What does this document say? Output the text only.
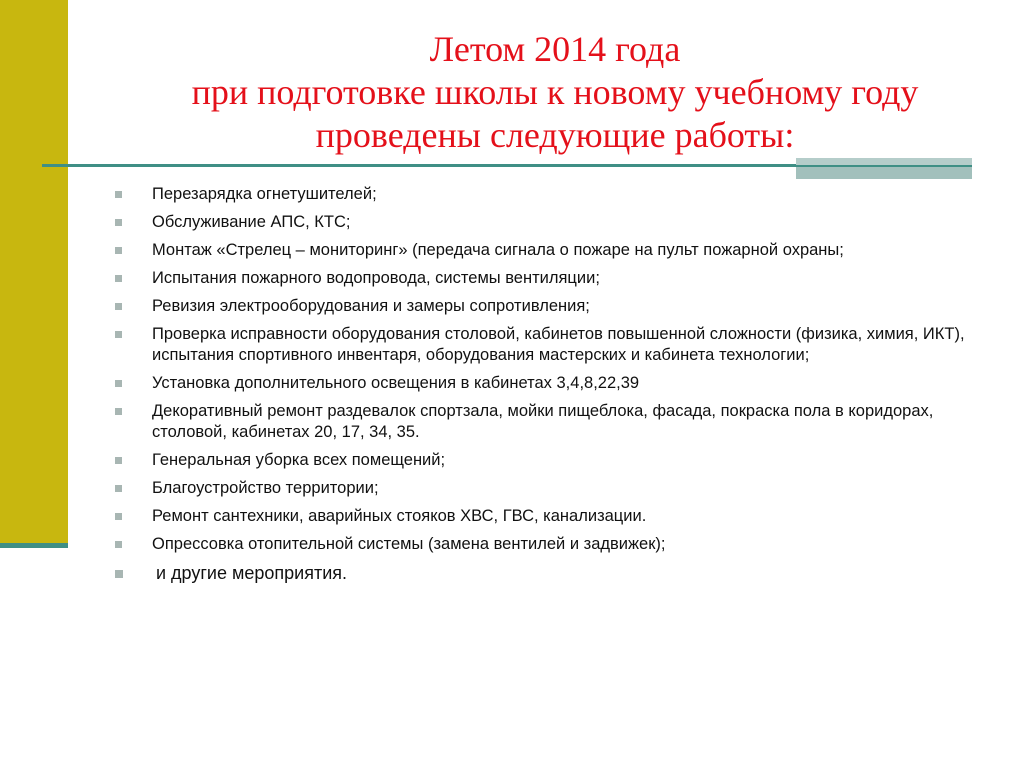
Летом 2014 года
при подготовке школы к новому учебному году
проведены следующие работы:
Перезарядка огнетушителей;
Обслуживание АПС, КТС;
Монтаж «Стрелец – мониторинг» (передача сигнала о пожаре на пульт пожарной охраны;
Испытания пожарного водопровода, системы вентиляции;
Ревизия электрооборудования и замеры сопротивления;
Проверка исправности оборудования столовой, кабинетов повышенной сложности (физика, химия, ИКТ), испытания спортивного инвентаря, оборудования мастерских и кабинета технологии;
Установка дополнительного освещения в кабинетах 3,4,8,22,39
Декоративный ремонт раздевалок спортзала, мойки пищеблока, фасада, покраска пола в коридорах, столовой, кабинетах 20, 17, 34, 35.
Генеральная уборка всех помещений;
Благоустройство территории;
Ремонт сантехники, аварийных стояков ХВС, ГВС, канализации.
Опрессовка отопительной системы (замена вентилей и задвижек);
и другие мероприятия.
